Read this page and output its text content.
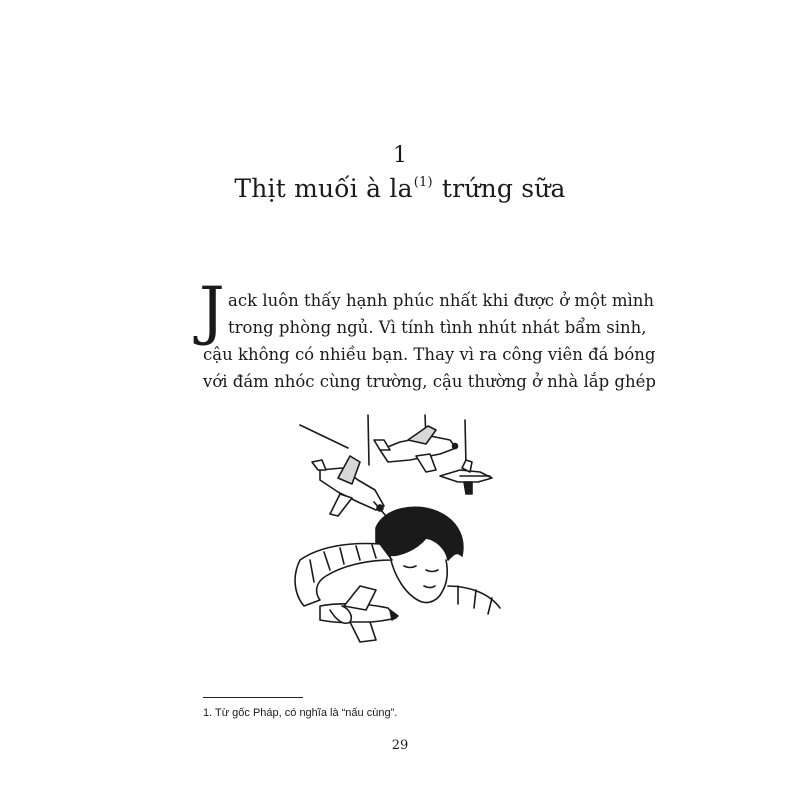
1
Thịt muối à $la^{(1)}$ trứng sữa
J ack luôn thấy hạnh phúc nhất khi được ở một mình
trong phòng ngủ. Vì tính tình nhút nhát bẩm sinh,
cậu không có nhiều bạn. Thay vì ra công viên đá bóng
với đám nhóc cùng trường, cậu thường ở nhà lắp ghép
1. Từ gốc Pháp, có nghĩa là “nấu cùng”.
29
